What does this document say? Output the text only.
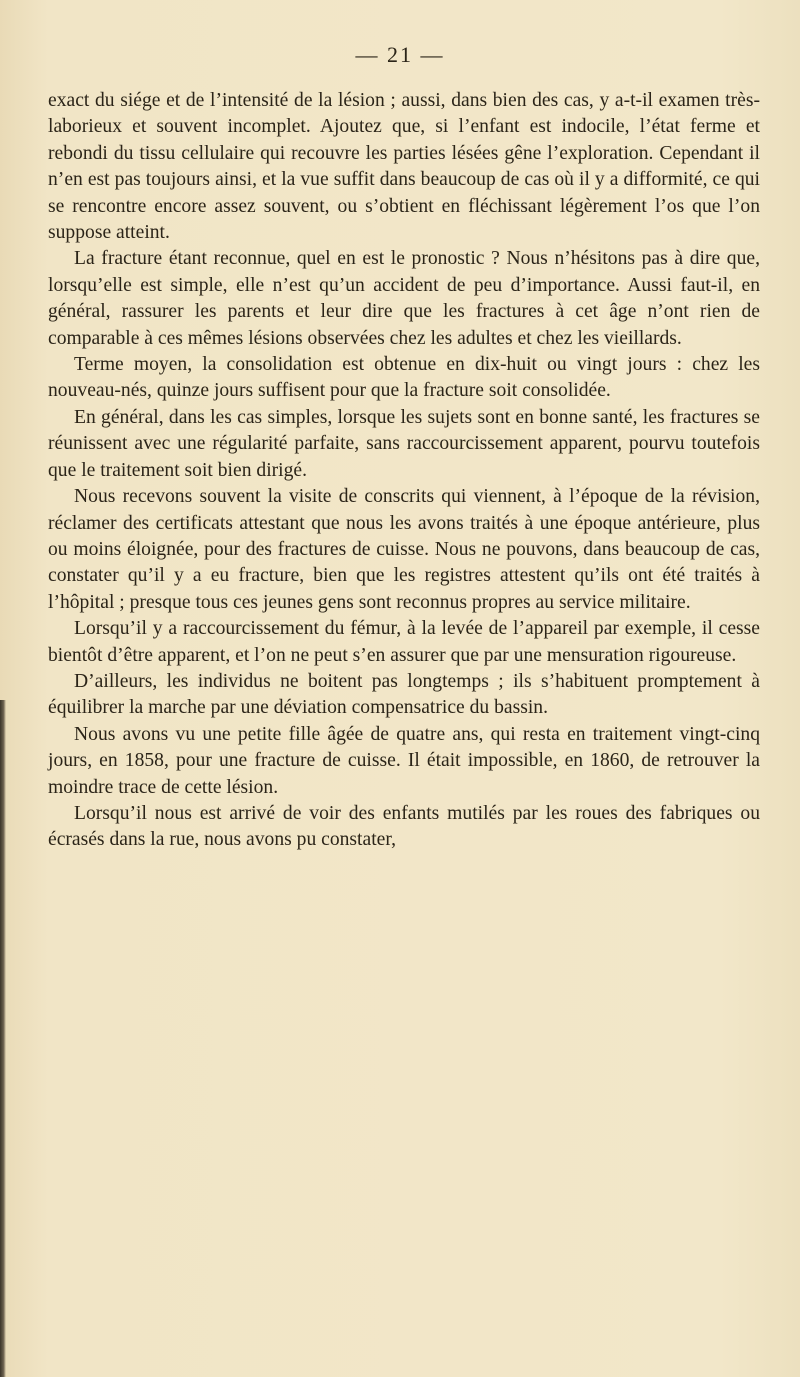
— 21 —

exact du siége et de l’intensité de la lésion ; aussi, dans bien des cas, y a-t-il examen très-laborieux et souvent incomplet. Ajoutez que, si l’enfant est indocile, l’état ferme et rebondi du tissu cellulaire qui recouvre les parties lésées gêne l’exploration. Cependant il n’en est pas toujours ainsi, et la vue suffit dans beaucoup de cas où il y a difformité, ce qui se rencontre encore assez souvent, ou s’obtient en fléchissant légèrement l’os que l’on suppose atteint.

La fracture étant reconnue, quel en est le pronostic ? Nous n’hésitons pas à dire que, lorsqu’elle est simple, elle n’est qu’un accident de peu d’importance. Aussi faut-il, en général, rassurer les parents et leur dire que les fractures à cet âge n’ont rien de comparable à ces mêmes lésions observées chez les adultes et chez les vieillards.

Terme moyen, la consolidation est obtenue en dix-huit ou vingt jours : chez les nouveau-nés, quinze jours suffisent pour que la fracture soit consolidée.

En général, dans les cas simples, lorsque les sujets sont en bonne santé, les fractures se réunissent avec une régularité parfaite, sans raccourcissement apparent, pourvu toutefois que le traitement soit bien dirigé.

Nous recevons souvent la visite de conscrits qui viennent, à l’époque de la révision, réclamer des certificats attestant que nous les avons traités à une époque antérieure, plus ou moins éloignée, pour des fractures de cuisse. Nous ne pouvons, dans beaucoup de cas, constater qu’il y a eu fracture, bien que les registres attestent qu’ils ont été traités à l’hôpital ; presque tous ces jeunes gens sont reconnus propres au service militaire.

Lorsqu’il y a raccourcissement du fémur, à la levée de l’appareil par exemple, il cesse bientôt d’être apparent, et l’on ne peut s’en assurer que par une mensuration rigoureuse.

D’ailleurs, les individus ne boitent pas longtemps ; ils s’habituent promptement à équilibrer la marche par une déviation compensatrice du bassin.

Nous avons vu une petite fille âgée de quatre ans, qui resta en traitement vingt-cinq jours, en 1858, pour une fracture de cuisse. Il était impossible, en 1860, de retrouver la moindre trace de cette lésion.

Lorsqu’il nous est arrivé de voir des enfants mutilés par les roues des fabriques ou écrasés dans la rue, nous avons pu constater,
